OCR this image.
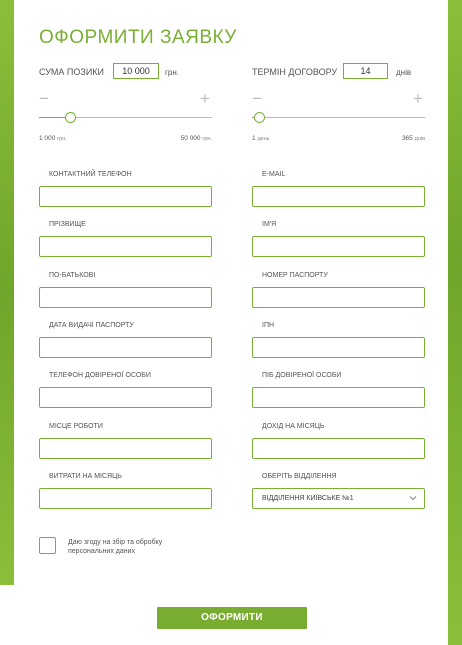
ОФОРМИТИ ЗАЯВКУ
СУМА ПОЗИКИ	10 000	грн.
−	+
1 000 грн.	50 000 грн.
ТЕРМІН ДОГОВОРУ	14	днів
−	+
1 день	365 днів
КОНТАКТНИЙ ТЕЛЕФОН	E-MAIL
ПРІЗВИЩЕ	ІМ'Я
ПО-БАТЬКОВІ	НОМЕР ПАСПОРТУ
ДАТА ВИДАЧІ ПАСПОРТУ	ІПН
ТЕЛЕФОН ДОВІРЕНОЇ ОСОБИ	ПІБ ДОВІРЕНОЇ ОСОБИ
МІСЦЕ РОБОТИ	ДОХІД НА МІСЯЦЬ
ВИТРАТИ НА МІСЯЦЬ	ОБЕРІТЬ ВІДДІЛЕННЯ
ВІДДІЛЕННЯ КИЇВСЬКЕ №1
Даю згоду на збір та обробку персональних даних
ОФОРМИТИ
